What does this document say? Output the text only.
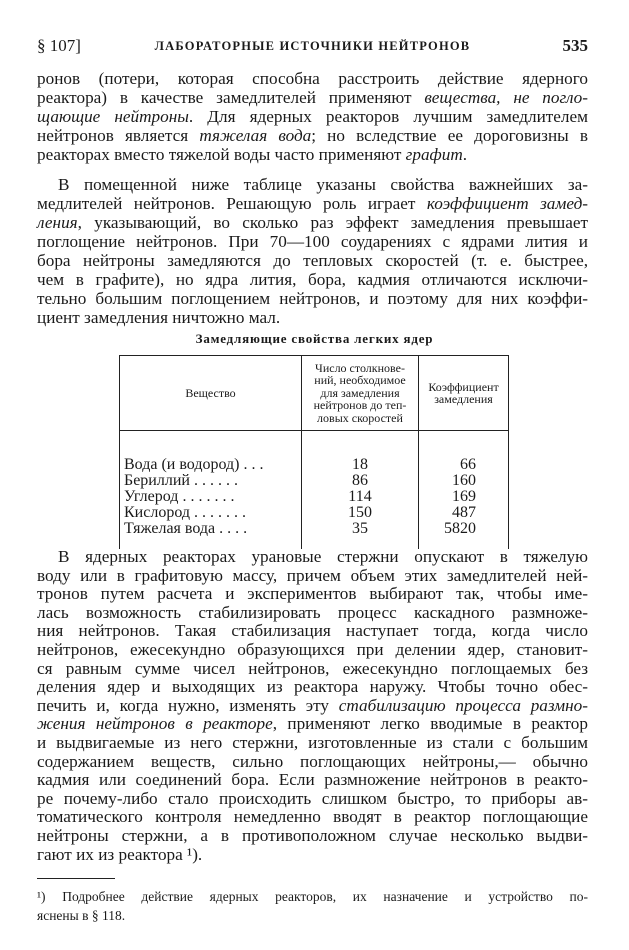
§ 107]	ЛАБОРАТОРНЫЕ ИСТОЧНИКИ НЕЙТРОНОВ	535
ронов (потери, которая способна расстроить действие ядерного
реактора) в качестве замедлителей применяют вещества, не погло-
щающие нейтроны. Для ядерных реакторов лучшим замедлителем
нейтронов является тяжелая вода; но вследствие ее дороговизны в
реакторах вместо тяжелой воды часто применяют графит.
В помещенной ниже таблице указаны свойства важнейших за-
медлителей нейтронов. Решающую роль играет коэффициент замед-
ления, указывающий, во сколько раз эффект замедления превышает
поглощение нейтронов. При 70—100 соударениях с ядрами лития и
бора нейтроны замедляются до тепловых скоростей (т. е. быстрее,
чем в графите), но ядра лития, бора, кадмия отличаются исключи-
тельно большим поглощением нейтронов, и поэтому для них коэффи-
циент замедления ничтожно мал.
В ядерных реакторах урановые стержни опускают в тяжелую
воду или в графитовую массу, причем объем этих замедлителей ней-
тронов путем расчета и экспериментов выбирают так, чтобы име-
лась возможность стабилизировать процесс каскадного размноже-
ния нейтронов. Такая стабилизация наступает тогда, когда число
нейтронов, ежесекундно образующихся при делении ядер, становит-
ся равным сумме чисел нейтронов, ежесекундно поглощаемых без
деления ядер и выходящих из реактора наружу. Чтобы точно обес-
печить и, когда нужно, изменять эту стабилизацию процесса размно-
жения нейтронов в реакторе, применяют легко вводимые в реактор
и выдвигаемые из него стержни, изготовленные из стали с большим
содержанием веществ, сильно поглощающих нейтроны,— обычно
кадмия или соединений бора. Если размножение нейтронов в реакто-
ре почему-либо стало происходить слишком быстро, то приборы ав-
томатического контроля немедленно вводят в реактор поглощающие
нейтроны стержни, а в противоположном случае несколько выдви-
гают их из реактора ¹).
Замедляющие свойства легких ядер
Вещество	Число столкнове- ний, необходимое для замедления нейтронов до теп- ловых скоростей	Коэффициент замедления
Вода (и водород) . . .	18	66
Бериллий . . . . . .	86	160
Углерод . . . . . . .	114	169
Кислород . . . . . . .	150	487
Тяжелая вода . . . .	35	5820
¹) Подробнее действие ядерных реакторов, их назначение и устройство по-
яснены в § 118.
